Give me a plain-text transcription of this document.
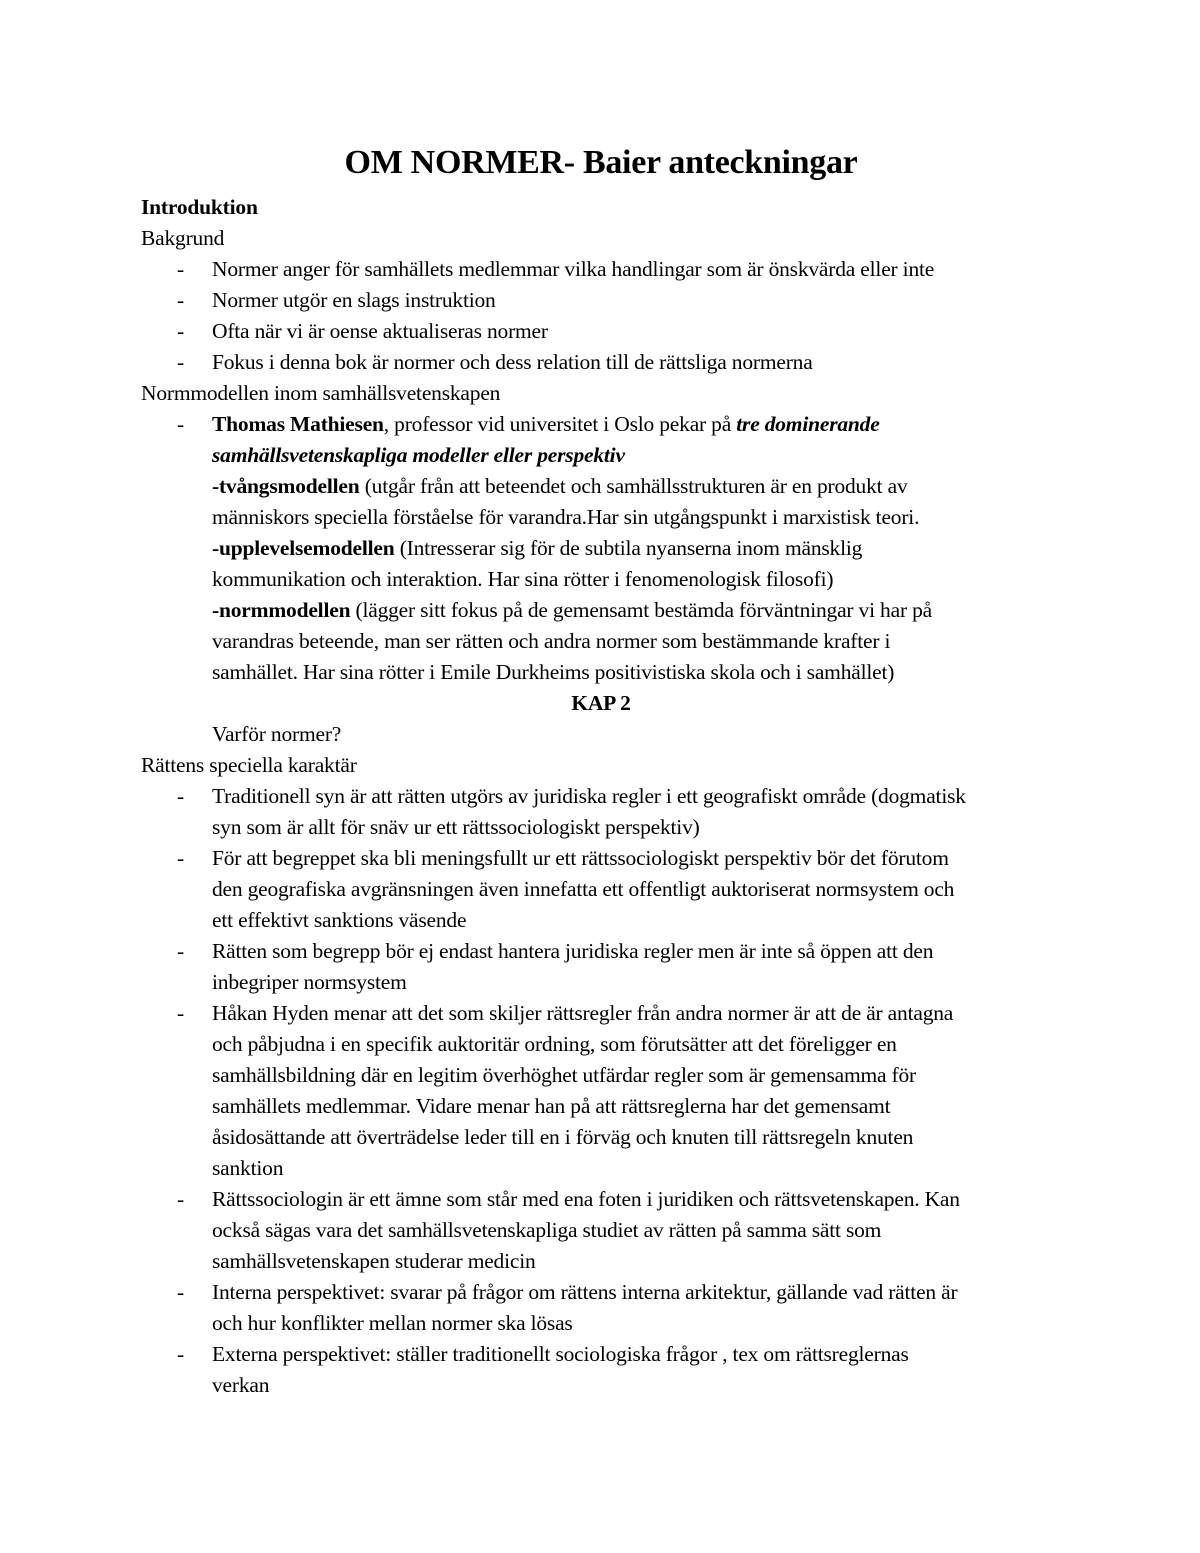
OM NORMER- Baier anteckningar
Introduktion
Bakgrund
- Normer anger för samhällets medlemmar vilka handlingar som är önskvärda eller inte
- Normer utgör en slags instruktion
- Ofta när vi är oense aktualiseras normer
- Fokus i denna bok är normer och dess relation till de rättsliga normerna
Normmodellen inom samhällsvetenskapen
- Thomas Mathiesen, professor vid universitet i Oslo pekar på tre dominerande
samhällsvetenskapliga modeller eller perspektiv
-tvångsmodellen (utgår från att beteendet och samhällsstrukturen är en produkt av
människors speciella förståelse för varandra.Har sin utgångspunkt i marxistisk teori.
-upplevelsemodellen (Intresserar sig för de subtila nyanserna inom mänsklig
kommunikation och interaktion. Har sina rötter i fenomenologisk filosofi)
-normmodellen (lägger sitt fokus på de gemensamt bestämda förväntningar vi har på
varandras beteende, man ser rätten och andra normer som bestämmande krafter i
samhället. Har sina rötter i Emile Durkheims positivistiska skola och i samhället)
KAP 2
Varför normer?
Rättens speciella karaktär
- Traditionell syn är att rätten utgörs av juridiska regler i ett geografiskt område (dogmatisk
syn som är allt för snäv ur ett rättssociologiskt perspektiv)
- För att begreppet ska bli meningsfullt ur ett rättssociologiskt perspektiv bör det förutom
den geografiska avgränsningen även innefatta ett offentligt auktoriserat normsystem och
ett effektivt sanktions väsende
- Rätten som begrepp bör ej endast hantera juridiska regler men är inte så öppen att den
inbegriper normsystem
- Håkan Hyden menar att det som skiljer rättsregler från andra normer är att de är antagna
och påbjudna i en specifik auktoritär ordning, som förutsätter att det föreligger en
samhällsbildning där en legitim överhöghet utfärdar regler som är gemensamma för
samhällets medlemmar. Vidare menar han på att rättsreglerna har det gemensamt
åsidosättande att överträdelse leder till en i förväg och knuten till rättsregeln knuten
sanktion
- Rättssociologin är ett ämne som står med ena foten i juridiken och rättsvetenskapen. Kan
också sägas vara det samhällsvetenskapliga studiet av rätten på samma sätt som
samhällsvetenskapen studerar medicin
- Interna perspektivet: svarar på frågor om rättens interna arkitektur, gällande vad rätten är
och hur konflikter mellan normer ska lösas
- Externa perspektivet: ställer traditionellt sociologiska frågor , tex om rättsreglernas
verkan
